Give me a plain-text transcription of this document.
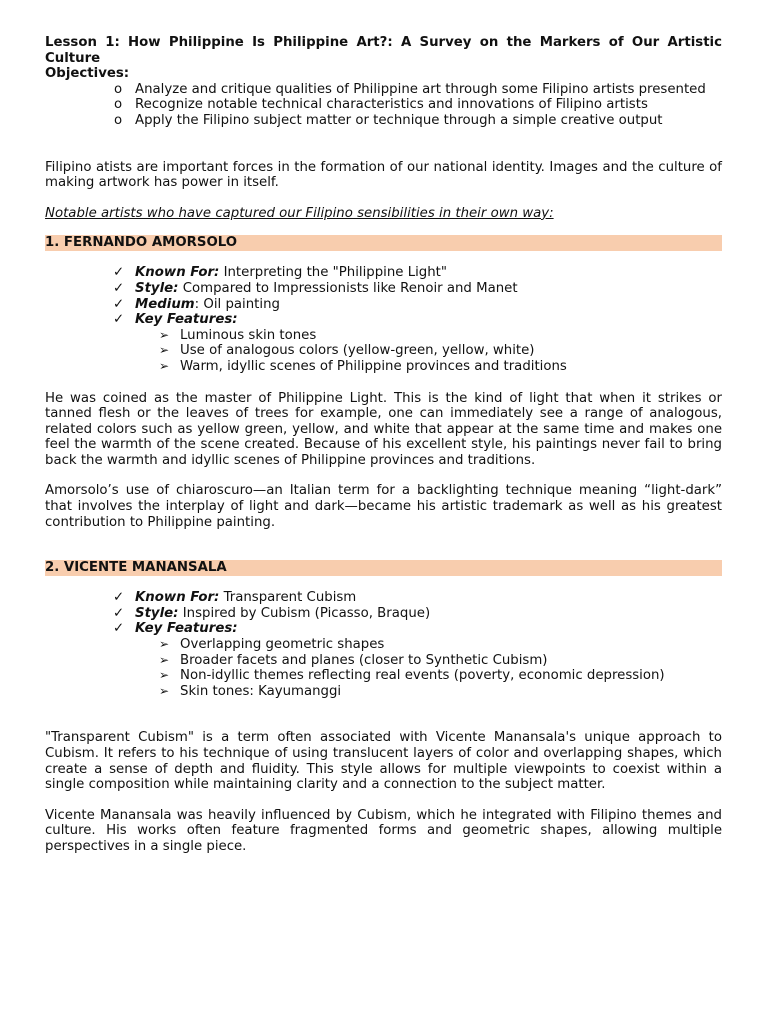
Lesson 1: How Philippine Is Philippine Art?: A Survey on the Markers of Our Artistic Culture

Objectives:

o Analyze and critique qualities of Philippine art through some Filipino artists presented
o Recognize notable technical characteristics and innovations of Filipino artists
o Apply the Filipino subject matter or technique through a simple creative output

Filipino atists are important forces in the formation of our national identity. Images and the culture of making artwork has power in itself.

Notable artists who have captured our Filipino sensibilities in their own way:

1. FERNANDO AMORSOLO
✓ Known For: Interpreting the "Philippine Light"
✓ Style: Compared to Impressionists like Renoir and Manet
✓ Medium: Oil painting
✓ Key Features:
➢ Luminous skin tones
➢ Use of analogous colors (yellow-green, yellow, white)
➢ Warm, idyllic scenes of Philippine provinces and traditions

He was coined as the master of Philippine Light. This is the kind of light that when it strikes or tanned flesh or the leaves of trees for example, one can immediately see a range of analogous, related colors such as yellow green, yellow, and white that appear at the same time and makes one feel the warmth of the scene created. Because of his excellent style, his paintings never fail to bring back the warmth and idyllic scenes of Philippine provinces and traditions.

Amorsolo’s use of chiaroscuro—an Italian term for a backlighting technique meaning “light-dark” that involves the interplay of light and dark—became his artistic trademark as well as his greatest contribution to Philippine painting.

2. VICENTE MANANSALA
✓ Known For: Transparent Cubism
✓ Style: Inspired by Cubism (Picasso, Braque)
✓ Key Features:
➢ Overlapping geometric shapes
➢ Broader facets and planes (closer to Synthetic Cubism)
➢ Non-idyllic themes reflecting real events (poverty, economic depression)
➢ Skin tones: Kayumanggi

"Transparent Cubism" is a term often associated with Vicente Manansala's unique approach to Cubism. It refers to his technique of using translucent layers of color and overlapping shapes, which create a sense of depth and fluidity. This style allows for multiple viewpoints to coexist within a single composition while maintaining clarity and a connection to the subject matter.

Vicente Manansala was heavily influenced by Cubism, which he integrated with Filipino themes and culture. His works often feature fragmented forms and geometric shapes, allowing multiple perspectives in a single piece.
